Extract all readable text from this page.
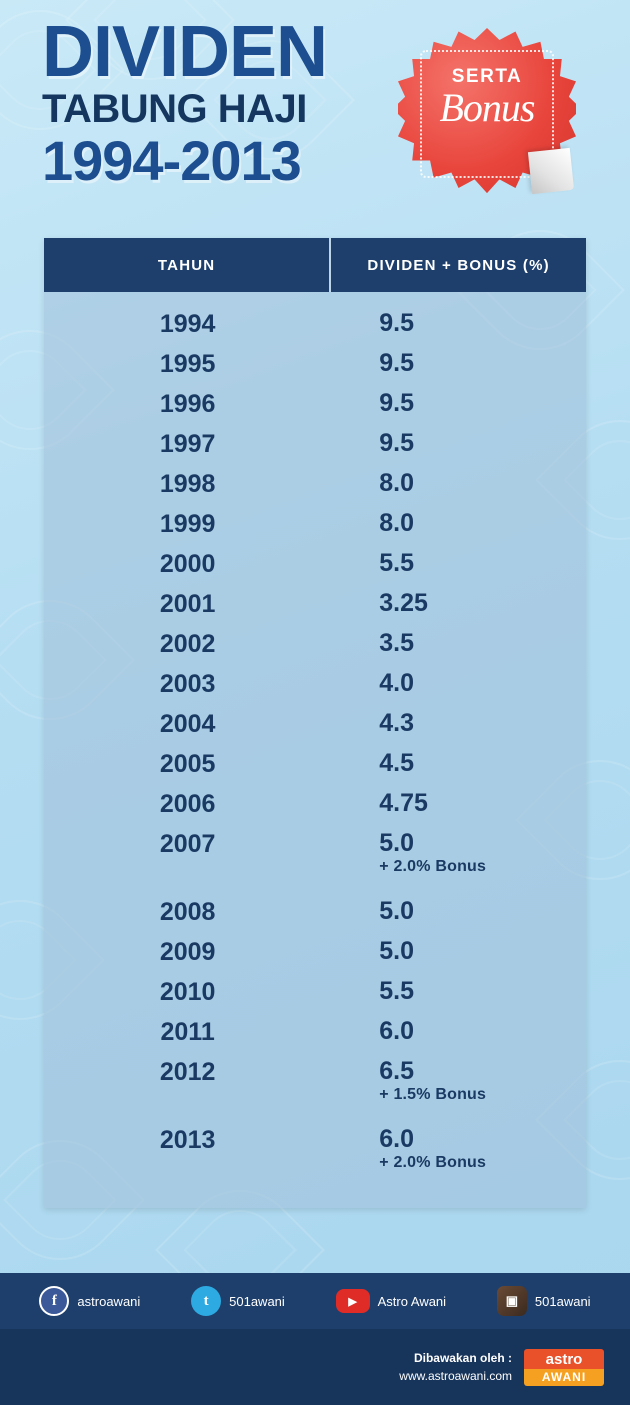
DIVIDEN
TABUNG HAJI
1994-2013
SERTA
Bonus
TAHUN	DIVIDEN + BONUS (%)
1994	9.5
1995	9.5
1996	9.5
1997	9.5
1998	8.0
1999	8.0
2000	5.5
2001	3.25
2002	3.5
2003	4.0
2004	4.3
2005	4.5
2006	4.75
2007	5.0
+ 2.0% Bonus
2008	5.0
2009	5.0
2010	5.5
2011	6.0
2012	6.5
+ 1.5% Bonus
2013	6.0
+ 2.0% Bonus
f	astroawani	t	501awani	▶	Astro Awani	▣	501awani
Dibawakan oleh :
www.astroawani.com
astro
AWANI
